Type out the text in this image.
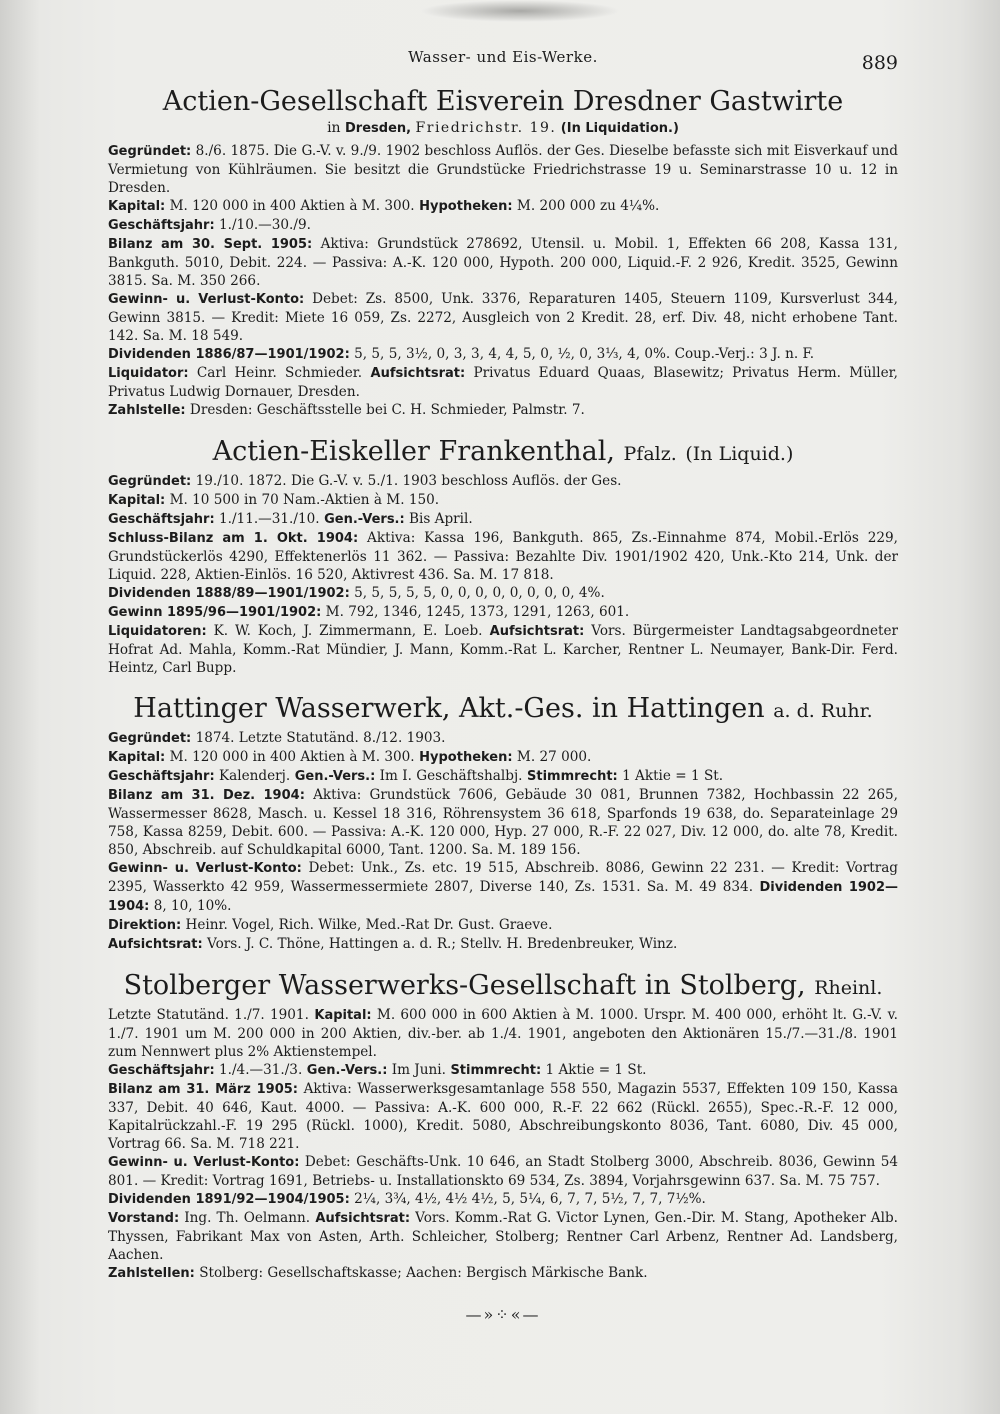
Wasser- und Eis-Werke.	889
Actien-Gesellschaft Eisverein Dresdner Gastwirte
in Dresden, Friedrichstr. 19. (In Liquidation.)

Gegründet: 8./6. 1875. Die G.-V. v. 9./9. 1902 beschloss Auflös. der Ges. Dieselbe befasste sich mit Eisverkauf und Vermietung von Kühlräumen. Sie besitzt die Grundstücke Friedrichstrasse 19 u. Seminarstrasse 10 u. 12 in Dresden.

Kapital: M. 120 000 in 400 Aktien à M. 300. Hypotheken: M. 200 000 zu 4¼%.

Geschäftsjahr: 1./10.—30./9.

Bilanz am 30. Sept. 1905: Aktiva: Grundstück 278692, Utensil. u. Mobil. 1, Effekten 66 208, Kassa 131, Bankguth. 5010, Debit. 224. — Passiva: A.-K. 120 000, Hypoth. 200 000, Liquid.-F. 2 926, Kredit. 3525, Gewinn 3815. Sa. M. 350 266.

Gewinn- u. Verlust-Konto: Debet: Zs. 8500, Unk. 3376, Reparaturen 1405, Steuern 1109, Kursverlust 344, Gewinn 3815. — Kredit: Miete 16 059, Zs. 2272, Ausgleich von 2 Kredit. 28, erf. Div. 48, nicht erhobene Tant. 142. Sa. M. 18 549.

Dividenden 1886/87—1901/1902: 5, 5, 5, 3½, 0, 3, 3, 4, 4, 5, 0, ½, 0, 3⅓, 4, 0%. Coup.-Verj.: 3 J. n. F.

Liquidator: Carl Heinr. Schmieder. Aufsichtsrat: Privatus Eduard Quaas, Blasewitz; Privatus Herm. Müller, Privatus Ludwig Dornauer, Dresden.

Zahlstelle: Dresden: Geschäftsstelle bei C. H. Schmieder, Palmstr. 7.

Actien-Eiskeller Frankenthal, Pfalz. (In Liquid.)

Gegründet: 19./10. 1872. Die G.-V. v. 5./1. 1903 beschloss Auflös. der Ges.

Kapital: M. 10 500 in 70 Nam.-Aktien à M. 150.

Geschäftsjahr: 1./11.—31./10. Gen.-Vers.: Bis April.

Schluss-Bilanz am 1. Okt. 1904: Aktiva: Kassa 196, Bankguth. 865, Zs.-Einnahme 874, Mobil.-Erlös 229, Grundstückerlös 4290, Effektenerlös 11 362. — Passiva: Bezahlte Div. 1901/1902 420, Unk.-Kto 214, Unk. der Liquid. 228, Aktien-Einlös. 16 520, Aktivrest 436. Sa. M. 17 818.

Dividenden 1888/89—1901/1902: 5, 5, 5, 5, 5, 0, 0, 0, 0, 0, 0, 0, 0, 4%.

Gewinn 1895/96—1901/1902: M. 792, 1346, 1245, 1373, 1291, 1263, 601.

Liquidatoren: K. W. Koch, J. Zimmermann, E. Loeb. Aufsichtsrat: Vors. Bürgermeister Landtagsabgeordneter Hofrat Ad. Mahla, Komm.-Rat Mündier, J. Mann, Komm.-Rat L. Karcher, Rentner L. Neumayer, Bank-Dir. Ferd. Heintz, Carl Bupp.

Hattinger Wasserwerk, Akt.-Ges. in Hattingen a. d. Ruhr.

Gegründet: 1874. Letzte Statutänd. 8./12. 1903.

Kapital: M. 120 000 in 400 Aktien à M. 300. Hypotheken: M. 27 000.

Geschäftsjahr: Kalenderj. Gen.-Vers.: Im I. Geschäftshalbj. Stimmrecht: 1 Aktie = 1 St.

Bilanz am 31. Dez. 1904: Aktiva: Grundstück 7606, Gebäude 30 081, Brunnen 7382, Hochbassin 22 265, Wassermesser 8628, Masch. u. Kessel 18 316, Röhrensystem 36 618, Sparfonds 19 638, do. Separateinlage 29 758, Kassa 8259, Debit. 600. — Passiva: A.-K. 120 000, Hyp. 27 000, R.-F. 22 027, Div. 12 000, do. alte 78, Kredit. 850, Abschreib. auf Schuldkapital 6000, Tant. 1200. Sa. M. 189 156.

Gewinn- u. Verlust-Konto: Debet: Unk., Zs. etc. 19 515, Abschreib. 8086, Gewinn 22 231. — Kredit: Vortrag 2395, Wasserkto 42 959, Wassermessermiete 2807, Diverse 140, Zs. 1531. Sa. M. 49 834. Dividenden 1902—1904: 8, 10, 10%.

Direktion: Heinr. Vogel, Rich. Wilke, Med.-Rat Dr. Gust. Graeve.

Aufsichtsrat: Vors. J. C. Thöne, Hattingen a. d. R.; Stellv. H. Bredenbreuker, Winz.

Stolberger Wasserwerks-Gesellschaft in Stolberg, Rheinl.

Letzte Statutänd. 1./7. 1901. Kapital: M. 600 000 in 600 Aktien à M. 1000. Urspr. M. 400 000, erhöht lt. G.-V. v. 1./7. 1901 um M. 200 000 in 200 Aktien, div.-ber. ab 1./4. 1901, angeboten den Aktionären 15./7.—31./8. 1901 zum Nennwert plus 2% Aktienstempel.

Geschäftsjahr: 1./4.—31./3. Gen.-Vers.: Im Juni. Stimmrecht: 1 Aktie = 1 St.

Bilanz am 31. März 1905: Aktiva: Wasserwerksgesamtanlage 558 550, Magazin 5537, Effekten 109 150, Kassa 337, Debit. 40 646, Kaut. 4000. — Passiva: A.-K. 600 000, R.-F. 22 662 (Rückl. 2655), Spec.-R.-F. 12 000, Kapitalrückzahl.-F. 19 295 (Rückl. 1000), Kredit. 5080, Abschreibungskonto 8036, Tant. 6080, Div. 45 000, Vortrag 66. Sa. M. 718 221.

Gewinn- u. Verlust-Konto: Debet: Geschäfts-Unk. 10 646, an Stadt Stolberg 3000, Abschreib. 8036, Gewinn 54 801. — Kredit: Vortrag 1691, Betriebs- u. Installationskto 69 534, Zs. 3894, Vorjahrsgewinn 637. Sa. M. 75 757.

Dividenden 1891/92—1904/1905: 2¼, 3¾, 4½, 4½ 4½, 5, 5¼, 6, 7, 7, 5½, 7, 7, 7½%.

Vorstand: Ing. Th. Oelmann. Aufsichtsrat: Vors. Komm.-Rat G. Victor Lynen, Gen.-Dir. M. Stang, Apotheker Alb. Thyssen, Fabrikant Max von Asten, Arth. Schleicher, Stolberg; Rentner Carl Arbenz, Rentner Ad. Landsberg, Aachen.

Zahlstellen: Stolberg: Gesellschaftskasse; Aachen: Bergisch Märkische Bank.

—»⁘«—
